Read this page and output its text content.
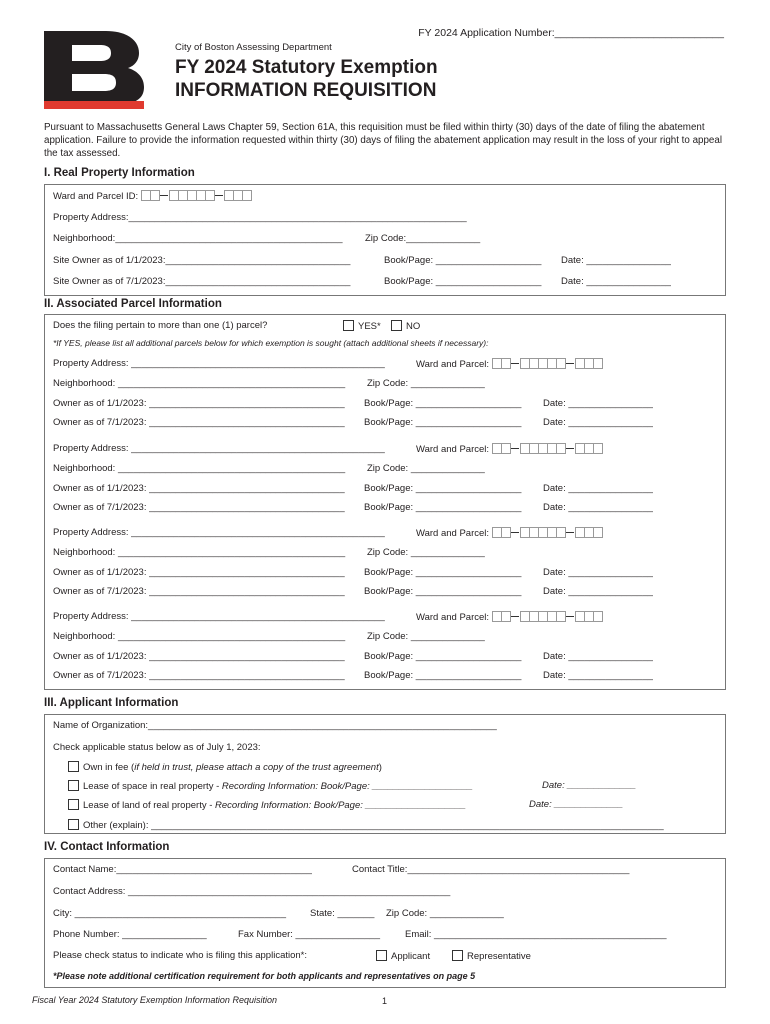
FY 2024 Application Number:_____________________________
City of Boston Assessing Department
FY 2024 Statutory Exemption
INFORMATION REQUISITION
Pursuant to Massachusetts General Laws Chapter 59, Section 61A, this requisition must be filed within thirty (30) days of the date of filing the abatement application. Failure to provide the information requested within thirty (30) days of filing the abatement application may result in the loss of your right to appeal the tax assessed.
I. Real Property Information
Ward and Parcel ID:
Property Address:________________________________________________________________
Neighborhood:___________________________________________ Zip Code:______________
Site Owner as of 1/1/2023:___________________________________	Book/Page: ____________________ Date: ________________
Site Owner as of 7/1/2023:___________________________________	Book/Page: ____________________ Date: ________________
II. Associated Parcel Information
Does the filing pertain to more than one (1) parcel?	YES*	NO
*If YES, please list all additional parcels below for which exemption is sought (attach additional sheets if necessary):
Property Address: ________________________________________________	Ward and Parcel:
Neighborhood: ___________________________________________ Zip Code: ______________
Owner as of 1/1/2023: _____________________________________ Book/Page: ____________________ Date: ________________
Owner as of 7/1/2023: _____________________________________ Book/Page: ____________________ Date: ________________
Property Address: ________________________________________________	Ward and Parcel:
Neighborhood: ___________________________________________ Zip Code: ______________
Owner as of 1/1/2023: _____________________________________ Book/Page: ____________________ Date: ________________
Owner as of 7/1/2023: _____________________________________ Book/Page: ____________________ Date: ________________
Property Address: ________________________________________________	Ward and Parcel:
Neighborhood: ___________________________________________ Zip Code: ______________
Owner as of 1/1/2023: _____________________________________ Book/Page: ____________________ Date: ________________
Owner as of 7/1/2023: _____________________________________ Book/Page: ____________________ Date: ________________
Property Address: ________________________________________________	Ward and Parcel:
Neighborhood: ___________________________________________ Zip Code: ______________
Owner as of 1/1/2023: _____________________________________ Book/Page: ____________________ Date: ________________
Owner as of 7/1/2023: _____________________________________ Book/Page: ____________________ Date: ________________
III. Applicant Information
Name of Organization:__________________________________________________________________
Check applicable status below as of July 1, 2023:
Own in fee (if held in trust, please attach a copy of the trust agreement)
Lease of space in real property - Recording Information: Book/Page: ___________________	Date: _____________
Lease of land of real property - Recording Information: Book/Page: ___________________	Date: _____________
Other (explain): _________________________________________________________________________________________________
IV. Contact Information
Contact Name:_____________________________________	Contact Title:__________________________________________
Contact Address: _____________________________________________________________
City: ________________________________________	State: _______ Zip Code: ______________
Phone Number: ________________	Fax Number: ________________	Email: ____________________________________________
Please check status to indicate who is filing this application*:	Applicant	Representative
*Please note additional certification requirement for both applicants and representatives on page 5
Fiscal Year 2024 Statutory Exemption Information Requisition	1
